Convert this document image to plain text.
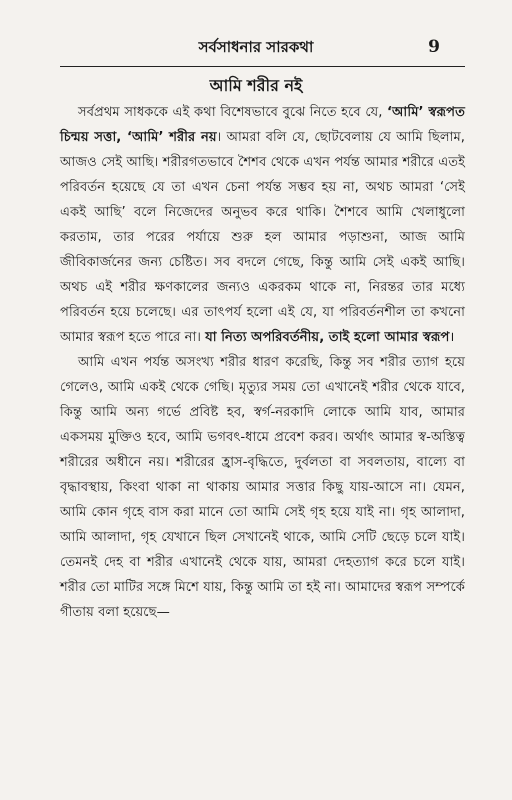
সর্বসাধনার সারকথা	9
আমি শরীর নই

সর্বপ্রথম সাধককে এই কথা বিশেষভাবে বুঝে নিতে হবে যে, ‘আমি’ স্বরূপত চিন্ময় সত্তা, ‘আমি’ শরীর নয়। আমরা বলি যে, ছোটবেলায় যে আমি ছিলাম, আজও সেই আছি। শরীরগতভাবে শৈশব থেকে এখন পর্যন্ত আমার শরীরে এতই পরিবর্তন হয়েছে যে তা এখন চেনা পর্যন্ত সম্ভব হয় না, অথচ আমরা ‘সেই একই আছি’ বলে নিজেদের অনুভব করে থাকি। শৈশবে আমি খেলাধুলো করতাম, তার পরের পর্যায়ে শুরু হল আমার পড়াশুনা, আজ আমি জীবিকার্জনের জন্য চেষ্টিত। সব বদলে গেছে, কিন্তু আমি সেই একই আছি। অথচ এই শরীর ক্ষণকালের জন্যও একরকম থাকে না, নিরন্তর তার মধ্যে পরিবর্তন হয়ে চলেছে। এর তাৎপর্য হলো এই যে, যা পরিবর্তনশীল তা কখনো আমার স্বরূপ হতে পারে না। যা নিত্য অপরিবর্তনীয়, তাই হলো আমার স্বরূপ।

আমি এখন পর্যন্ত অসংখ্য শরীর ধারণ করেছি, কিন্তু সব শরীর ত্যাগ হয়ে গেলেও, আমি একই থেকে গেছি। মৃত্যুর সময় তো এখানেই শরীর থেকে যাবে, কিন্তু আমি অন্য গর্ভে প্রবিষ্ট হব, স্বর্গ-নরকাদি লোকে আমি যাব, আমার একসময় মুক্তিও হবে, আমি ভগবৎ-ধামে প্রবেশ করব। অর্থাৎ আমার স্ব-অস্তিত্ব শরীরের অধীনে নয়। শরীরের হ্রাস-বৃদ্ধিতে, দুর্বলতা বা সবলতায়, বাল্যে বা বৃদ্ধাবস্থায়, কিংবা থাকা না থাকায় আমার সত্তার কিছু যায়-আসে না। যেমন, আমি কোন গৃহে বাস করা মানে তো আমি সেই গৃহ হয়ে যাই না। গৃহ আলাদা, আমি আলাদা, গৃহ যেখানে ছিল সেখানেই থাকে, আমি সেটি ছেড়ে চলে যাই। তেমনই দেহ বা শরীর এখানেই থেকে যায়, আমরা দেহত্যাগ করে চলে যাই। শরীর তো মাটির সঙ্গে মিশে যায়, কিন্তু আমি তা হই না। আমাদের স্বরূপ সম্পর্কে গীতায় বলা হয়েছে—
